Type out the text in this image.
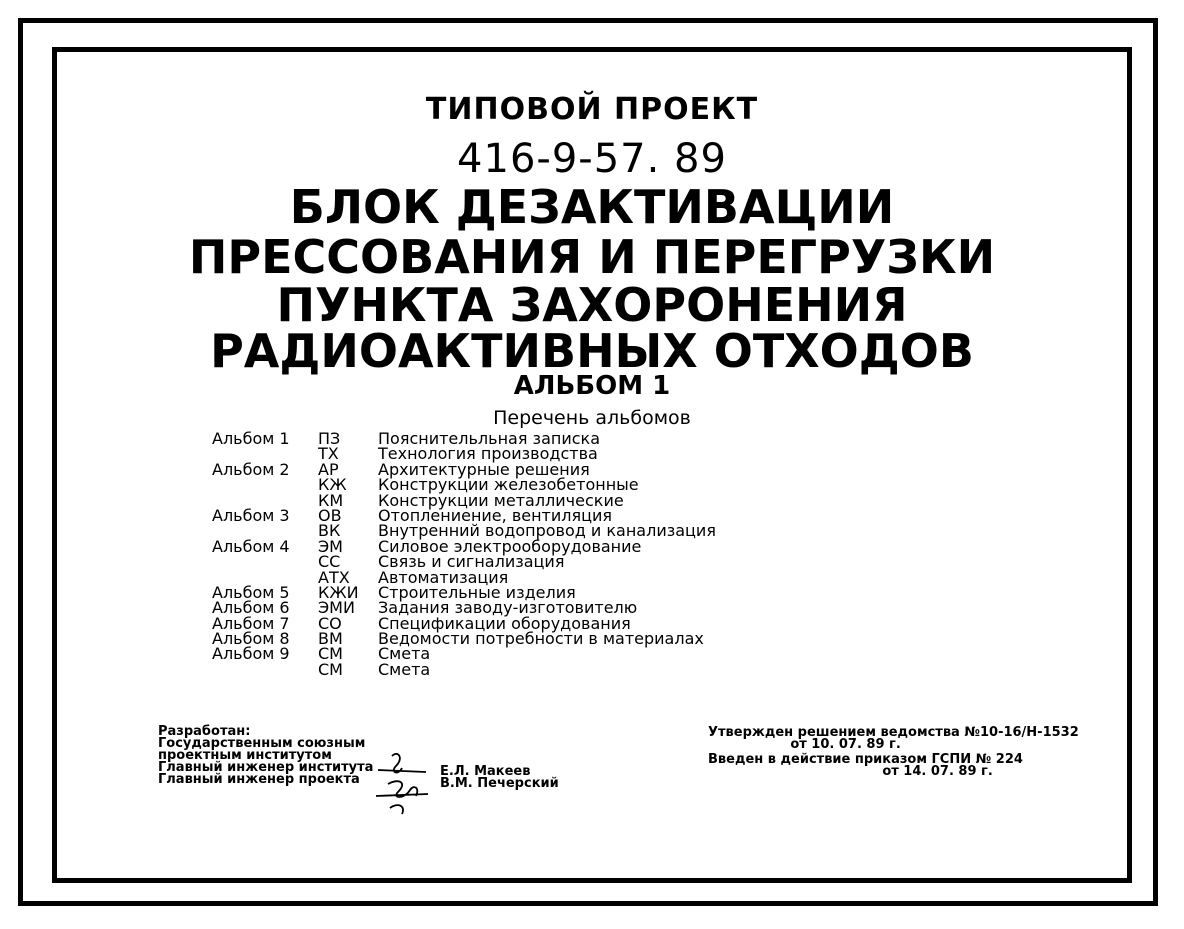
ТИПОВОЙ ПРОЕКТ
416-9-57. 89
БЛОК ДЕЗАКТИВАЦИИ
ПРЕССОВАНИЯ И ПЕРЕГРУЗКИ
ПУНКТА ЗАХОРОНЕНИЯ
РАДИОАКТИВНЫХ ОТХОДОВ
АЛЬБОМ 1
Перечень альбомов
Альбом 1
Альбом 2
Альбом 3
Альбом 4
Альбом 5
Альбом 6
Альбом 7
Альбом 8
Альбом 9
ПЗ
ТХ
АР
КЖ
КМ
ОВ
ВК
ЭМ
СС
АТХ
КЖИ
ЭМИ
СО
ВМ
СМ
СМ
Пояснительльная записка
Технология производства
Архитектурные решения
Конструкции железобетонные
Конструкции металлические
Отоплениение, вентиляция
Внутренний водопровод и канализация
Силовое электрооборудование
Связь и сигнализация
Автоматизация
Строительные изделия
Задания заводу-изготовителю
Спецификации оборудования
Ведомости потребности в материалах
Смета
Смета
Разработан:
Государственным союзным
проектным институтом
Главный инженер института
Главный инженер проекта
Е.Л. Макеев
В.М. Печерский
Утвержден решением ведомства №10-16/Н-1532
от 10. 07. 89 г.
Введен в действие приказом ГСПИ № 224
от 14. 07. 89 г.
